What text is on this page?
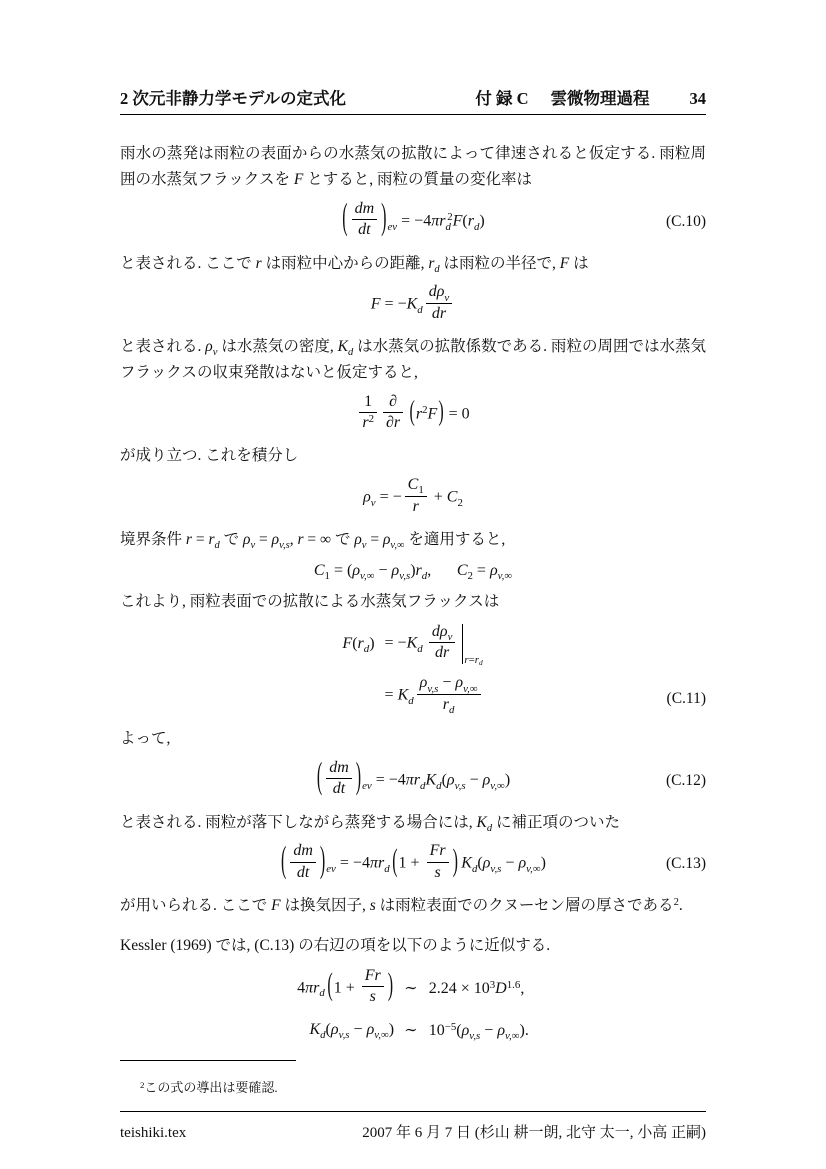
2 次元非静力学モデルの定式化	付 録 C 雲微物理過程 34

雨水の蒸発は雨粒の表面からの水蒸気の拡散によって律速されると仮定する. 雨粒周囲の水蒸気フラックスを F とすると, 雨粒の質量の変化率は

( $\frac{dm}{dt} )_{ev} = -4\pi r_d^2F(r_d)$	(C.10)

と表される. ここで r は雨粒中心からの距離, $r_d$ は雨粒の半径で, F は

$F = -K_d$
$d\rho_v$
dr

と表される. $\rho_v$ は水蒸気の密度, $K_d$ は水蒸気の拡散係数である. 雨粒の周囲では水蒸気フラックスの収束発散はないと仮定すると,

$\frac{1}{r^2}$ ∂
∂r $(r^2F) = 0$

が成り立つ. これを積分し

$\rho_v$ = − $\frac{C_1}{r} + C_2$

境界条件 $r = r_d$ で $\rho_v = \rho_{v,s}$, r = ∞ で $\rho_v = \rho_{v,\infty}$ を適用すると,

$C_1 = (\rho_{v,\infty} - \rho_{v,s})r_d$, $C_2 = \rho_{v,\infty}$

これより, 雨粒表面での拡散による水蒸気フラックスは

$F(r_d) = -K_d$
$d\rho_v$
dr	$_{r=r_d}$
= $K_d \frac{\rho_{v,s} - \rho_{v,\infty}}{r_d}$	(C.11)

よって,

( $\frac{dm}{dt} )_{ev} = -4\pi r_dK_d(\rho_{v,s} - \rho_{v,\infty})$	(C.12)

と表される. 雨粒が落下しながら蒸発する場合には, $K_d$ に補正項のついた

( $\frac{dm}{dt} )_{ev} = -4\pi r_d$ ($1 + \frac{Fr}{s}$ ) $K_d(\rho_{v,s} - \rho_{v,\infty})$	(C.13)

が用いられる. ここで F は換気因子, s は雨粒表面でのクヌーセン層の厚さである$^2$.

Kessler (1969) では, (C.13) の右辺の項を以下のように近似する.

$4\pi r_d$ ($1 + \frac{Fr}{s}$ ) ∼ $2.24 \times 10^3D^{1.6}$,
$K_d(\rho_{v,s} - \rho_{v,\infty})$ ∼ $10^{-5}(\rho_{v,s} - \rho_{v,\infty})$.

$^2$この式の導出は要確認.

teishiki.tex	2007 年 6 月 7 日 (杉山 耕一朗, 北守 太一, 小高 正嗣)
